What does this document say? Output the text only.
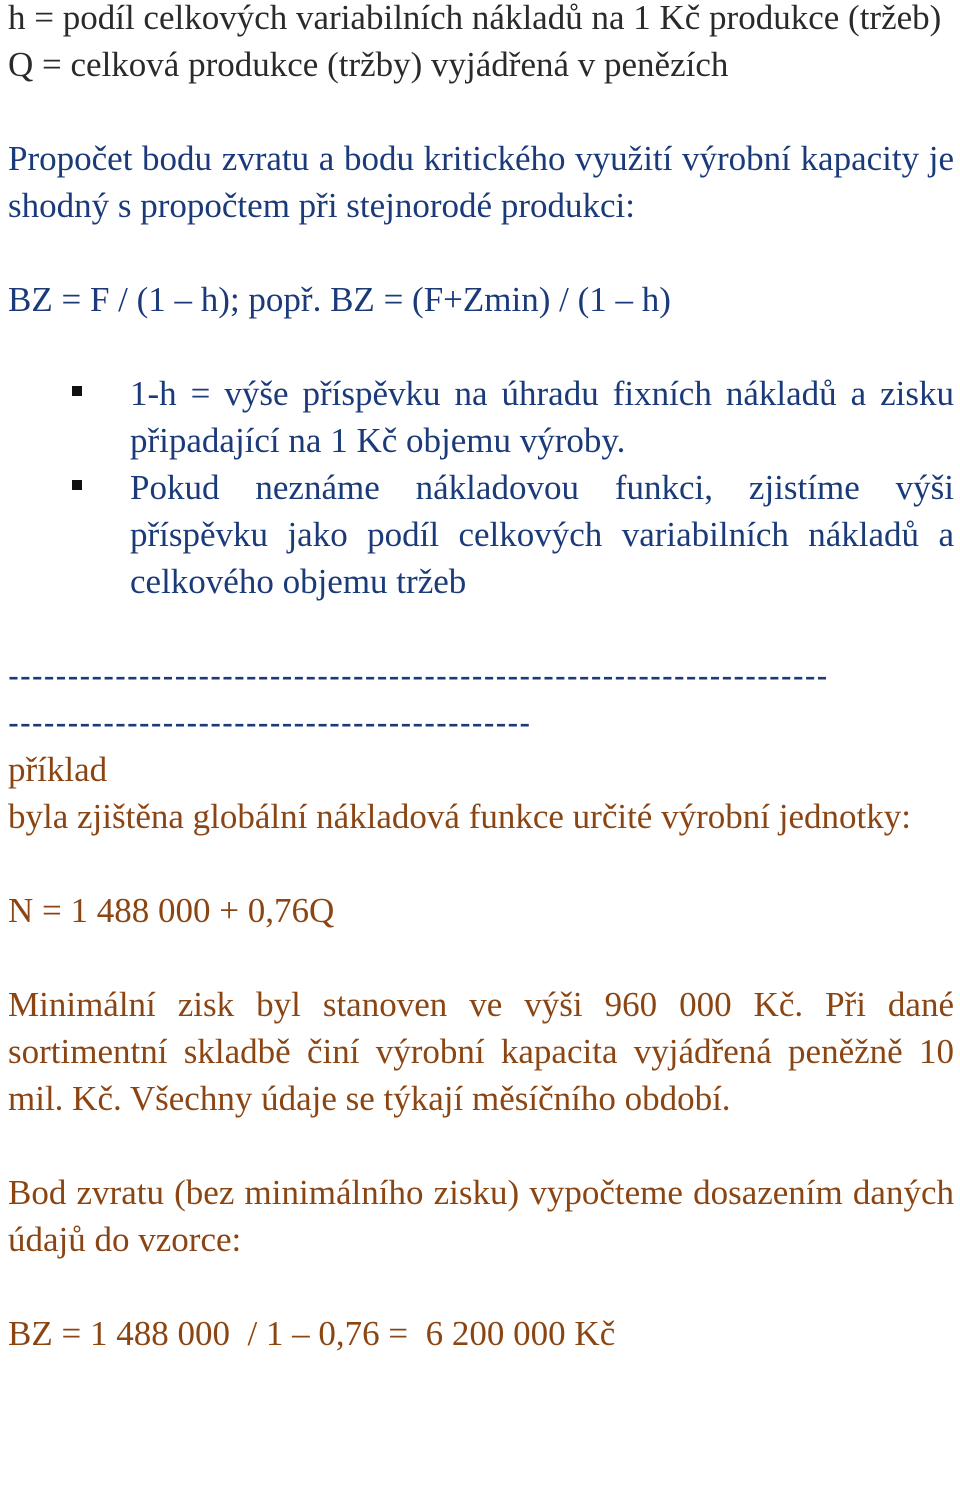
h = podíl celkových variabilních nákladů na 1 Kč produkce (tržeb)

Q = celková produkce (tržby) vyjádřená v penězích

Propočet bodu zvratu a bodu kritického využití výrobní kapacity je shodný s propočtem při stejnorodé produkci:

BZ = F / (1 – h); popř. BZ = (F+Zmin) / (1 – h)

1-h = výše příspěvku na úhradu fixních nákladů a zisku připadající na 1 Kč objemu výroby.
Pokud neznáme nákladovou funkci, zjistíme výši příspěvku jako podíl celkových variabilních nákladů a celkového objemu tržeb

---------------------------------------------------------------------

--------------------------------------------

příklad

byla zjištěna globální nákladová funkce určité výrobní jednotky:

N = 1 488 000 + 0,76Q

Minimální zisk byl stanoven ve výši 960 000 Kč. Při dané sortimentní skladbě činí výrobní kapacita vyjádřená peněžně 10 mil. Kč. Všechny údaje se týkají měsíčního období.

Bod zvratu (bez minimálního zisku) vypočteme dosazením daných údajů do vzorce:

BZ = 1 488 000  / 1 – 0,76 =  6 200 000 Kč
